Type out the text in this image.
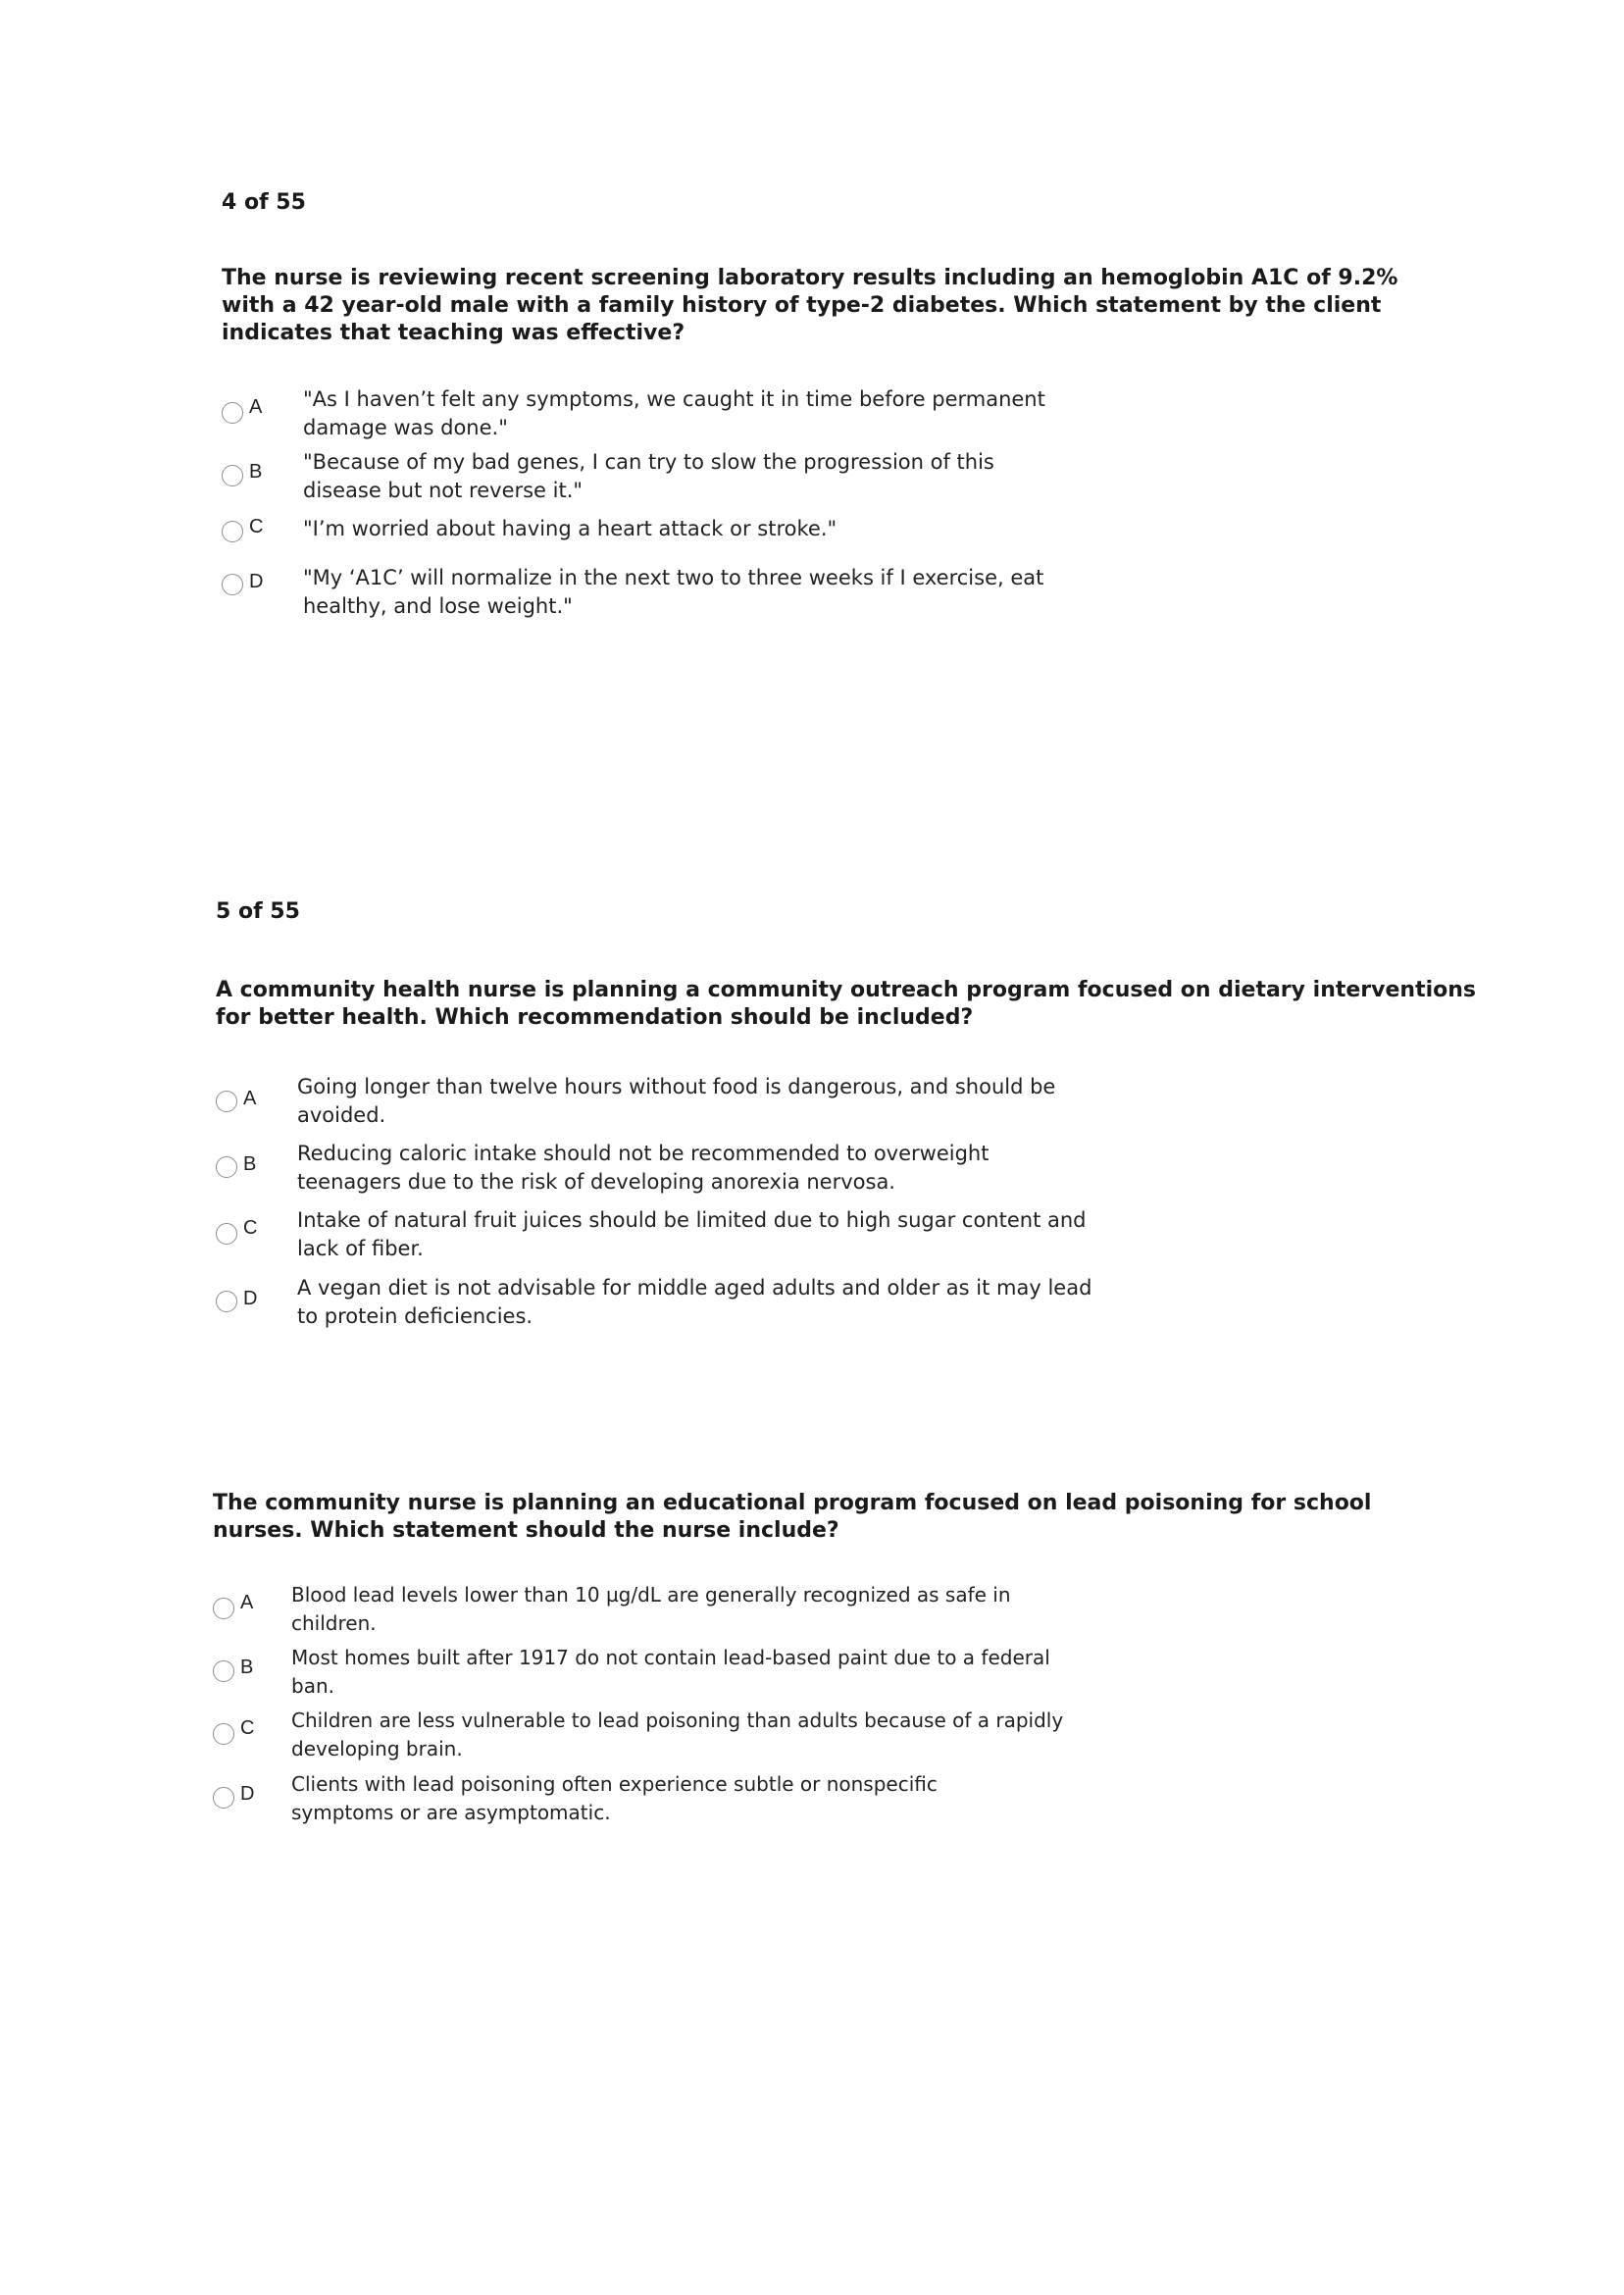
4 of 55

The nurse is reviewing recent screening laboratory results including an hemoglobin A1C of 9.2% with a 42 year-old male with a family history of type-2 diabetes. Which statement by the client indicates that teaching was effective?

A "As I haven’t felt any symptoms, we caught it in time before permanent damage was done."

B "Because of my bad genes, I can try to slow the progression of this disease but not reverse it."

C "I’m worried about having a heart attack or stroke."

D "My ‘A1C’ will normalize in the next two to three weeks if I exercise, eat healthy, and lose weight."

5 of 55

A community health nurse is planning a community outreach program focused on dietary interventions for better health. Which recommendation should be included?

A Going longer than twelve hours without food is dangerous, and should be avoided.

B Reducing caloric intake should not be recommended to overweight teenagers due to the risk of developing anorexia nervosa.

C Intake of natural fruit juices should be limited due to high sugar content and lack of fiber.

D A vegan diet is not advisable for middle aged adults and older as it may lead to protein deficiencies.

The community nurse is planning an educational program focused on lead poisoning for school nurses. Which statement should the nurse include?

A Blood lead levels lower than 10 µg/dL are generally recognized as safe in children.

B Most homes built after 1917 do not contain lead-based paint due to a federal ban.

C Children are less vulnerable to lead poisoning than adults because of a rapidly developing brain.

D Clients with lead poisoning often experience subtle or nonspecific symptoms or are asymptomatic.
